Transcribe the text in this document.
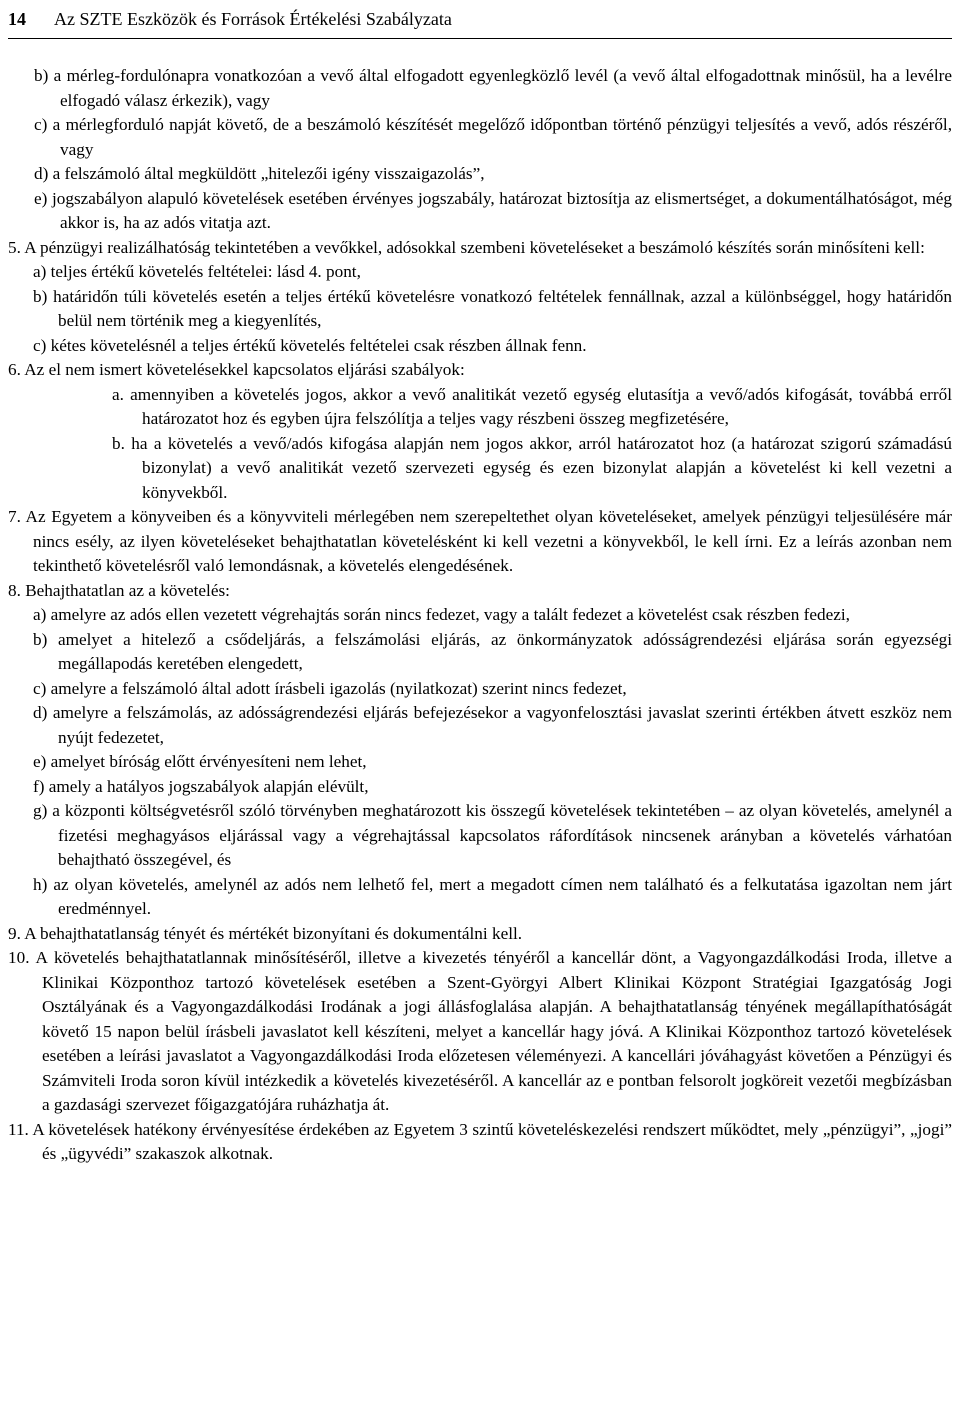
14	Az SZTE Eszközök és Források Értékelési Szabályzata

b) a mérleg-fordulónapra vonatkozóan a vevő által elfogadott egyenlegközlő levél (a vevő által elfogadottnak minősül, ha a levélre elfogadó válasz érkezik), vagy

c) a mérlegforduló napját követő, de a beszámoló készítését megelőző időpontban történő pénzügyi teljesítés a vevő, adós részéről, vagy

d) a felszámoló által megküldött „hitelezői igény visszaigazolás”,

e) jogszabályon alapuló követelések esetében érvényes jogszabály, határozat biztosítja az elismertséget, a dokumentálhatóságot, még akkor is, ha az adós vitatja azt.

5. A pénzügyi realizálhatóság tekintetében a vevőkkel, adósokkal szembeni követeléseket a beszámoló készítés során minősíteni kell:

a) teljes értékű követelés feltételei: lásd 4. pont,

b) határidőn túli követelés esetén a teljes értékű követelésre vonatkozó feltételek fennállnak, azzal a különbséggel, hogy határidőn belül nem történik meg a kiegyenlítés,

c) kétes követelésnél a teljes értékű követelés feltételei csak részben állnak fenn.

6. Az el nem ismert követelésekkel kapcsolatos eljárási szabályok:

a. amennyiben a követelés jogos, akkor a vevő analitikát vezető egység elutasítja a vevő/adós kifogását, továbbá erről határozatot hoz és egyben újra felszólítja a teljes vagy részbeni összeg megfizetésére,

b. ha a követelés a vevő/adós kifogása alapján nem jogos akkor, arról határozatot hoz (a határozat szigorú számadású bizonylat) a vevő analitikát vezető szervezeti egység és ezen bizonylat alapján a követelést ki kell vezetni a könyvekből.

7. Az Egyetem a könyveiben és a könyvviteli mérlegében nem szerepeltethet olyan követeléseket, amelyek pénzügyi teljesülésére már nincs esély, az ilyen követeléseket behajthatatlan követelésként ki kell vezetni a könyvekből, le kell írni. Ez a leírás azonban nem tekinthető követelésről való lemondásnak, a követelés elengedésének.

8. Behajthatatlan az a követelés:

a) amelyre az adós ellen vezetett végrehajtás során nincs fedezet, vagy a talált fedezet a követelést csak részben fedezi,

b) amelyet a hitelező a csődeljárás, a felszámolási eljárás, az önkormányzatok adósságrendezési eljárása során egyezségi megállapodás keretében elengedett,

c) amelyre a felszámoló által adott írásbeli igazolás (nyilatkozat) szerint nincs fedezet,

d) amelyre a felszámolás, az adósságrendezési eljárás befejezésekor a vagyonfelosztási javaslat szerinti értékben átvett eszköz nem nyújt fedezetet,

e) amelyet bíróság előtt érvényesíteni nem lehet,

f) amely a hatályos jogszabályok alapján elévült,

g) a központi költségvetésről szóló törvényben meghatározott kis összegű követelések tekintetében – az olyan követelés, amelynél a fizetési meghagyásos eljárással vagy a végrehajtással kapcsolatos ráfordítások nincsenek arányban a követelés várhatóan behajtható összegével, és

h) az olyan követelés, amelynél az adós nem lelhető fel, mert a megadott címen nem található és a felkutatása igazoltan nem járt eredménnyel.

9. A behajthatatlanság tényét és mértékét bizonyítani és dokumentálni kell.

10. A követelés behajthatatlannak minősítéséről, illetve a kivezetés tényéről a kancellár dönt, a Vagyongazdálkodási Iroda, illetve a Klinikai Központhoz tartozó követelések esetében a Szent-Györgyi Albert Klinikai Központ Stratégiai Igazgatóság Jogi Osztályának és a Vagyongazdálkodási Irodának a jogi állásfoglalása alapján. A behajthatatlanság tényének megállapíthatóságát követő 15 napon belül írásbeli javaslatot kell készíteni, melyet a kancellár hagy jóvá. A Klinikai Központhoz tartozó követelések esetében a leírási javaslatot a Vagyongazdálkodási Iroda előzetesen véleményezi. A kancellári jóváhagyást követően a Pénzügyi és Számviteli Iroda soron kívül intézkedik a követelés kivezetéséről. A kancellár az e pontban felsorolt jogköreit vezetői megbízásban a gazdasági szervezet főigazgatójára ruházhatja át.

11. A követelések hatékony érvényesítése érdekében az Egyetem 3 szintű követeléskezelési rendszert működtet, mely „pénzügyi”, „jogi” és „ügyvédi” szakaszok alkotnak.
